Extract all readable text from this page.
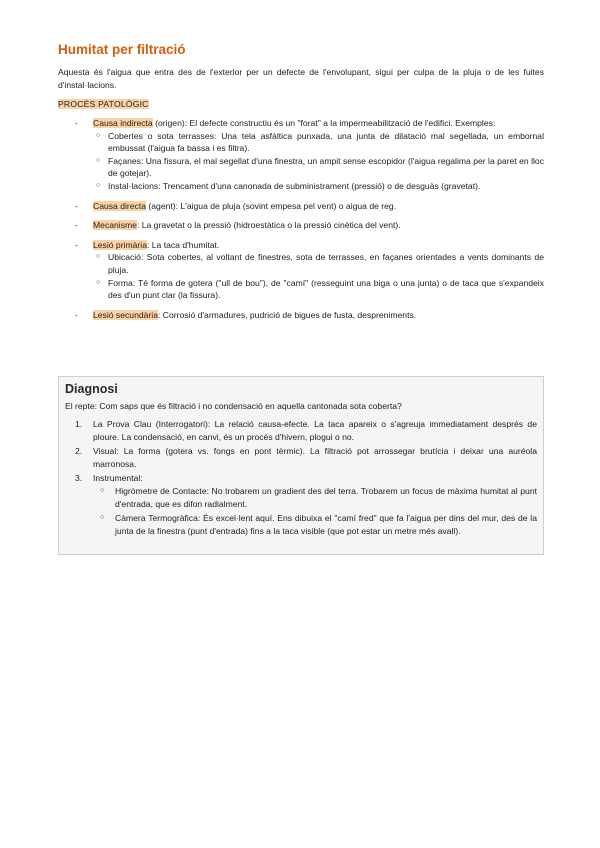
Humitat per filtració

Aquesta és l'aigua que entra des de l'exterior per un defecte de l'envolupant, sigui per culpa de la pluja o de les fuites d'instal·lacions.

PROCÉS PATOLÒGIC

- Causa indirecta (origen): El defecte constructiu és un "forat" a la impermeabilització de l'edifici. Exemples:
○ Cobertes o sota terrasses: Una tela asfàltica punxada, una junta de dilatació mal segellada, un embornal embussat (l'aigua fa bassa i es filtra).
○ Façanes: Una fissura, el mal segellat d'una finestra, un ampit sense escopidor (l'aigua regalima per la paret en lloc de gotejar).
○ Instal·lacions: Trencament d'una canonada de subministrament (pressió) o de desguàs (gravetat).
- Causa directa (agent): L'aigua de pluja (sovint empesa pel vent) o aigua de reg.
- Mecanisme: La gravetat o la pressió (hidroestàtica o la pressió cinètica del vent).
- Lesió primària: La taca d'humitat.
○ Ubicació: Sota cobertes, al voltant de finestres, sota de terrasses, en façanes orientades a vents dominants de pluja.
○ Forma: Té forma de gotera ("ull de bou"), de "camí" (resseguint una biga o una junta) o de taca que s'expandeix des d'un punt clar (la fissura).
- Lesió secundària: Corrosió d'armadures, pudrició de bigues de fusta, despreniments.
Diagnosi

El repte: Com saps que és filtració i no condensació en aquella cantonada sota coberta?

1. La Prova Clau (Interrogatori): La relació causa-efecte. La taca apareix o s'agreuja immediatament després de ploure. La condensació, en canvi, és un procés d'hivern, plogui o no.
2. Visual: La forma (gotera vs. fongs en pont tèrmic). La filtració pot arrossegar brutícia i deixar una auréola marronosa.
3. Instrumental:
○ Higròmetre de Contacte: No trobarem un gradient des del terra. Trobarem un focus de màxima humitat al punt d'entrada, que es difon radialment.
○ Càmera Termogràfica: És excel·lent aquí. Ens dibuixa el "camí fred" que fa l'aigua per dins del mur, des de la junta de la finestra (punt d'entrada) fins a la taca visible (que pot estar un metre més avall).
